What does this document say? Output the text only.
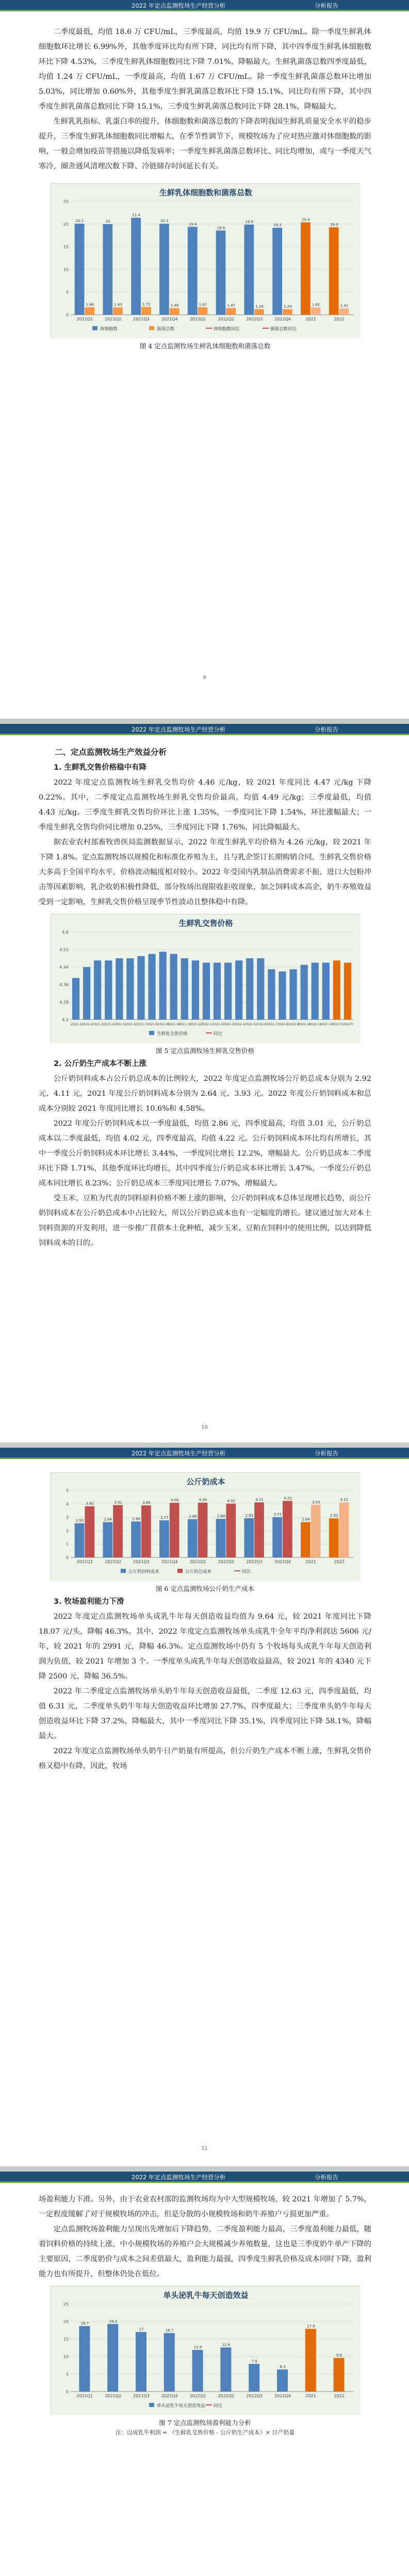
2022 年定点监测牧场生产经营分析	分析报告

二季度最低，均值 18.6 万 CFU/mL，三季度最高，均值 19.9 万 CFU/mL。除一季度生鲜乳体细胞数环比增长 6.99%外，其他季度环比均有所下降，同比均有所下降，其中四季度生鲜乳体细胞数环比下降 4.53%，三季度生鲜乳体细胞数同比下降 7.01%，降幅最大。生鲜乳菌落总数四季度最低，均值 1.24 万 CFU/mL，一季度最高，均值 1.67 万 CFU/mL。除一季度生鲜乳菌落总数环比增加 5.03%，同比增加 0.60%外，其他季度生鲜乳菌落总数环比下降 15.1%，同比均有所下降，其中四季度生鲜乳菌落总数同比下降 15.1%，三季度生鲜乳菌落总数同比下降 28.1%，降幅最大。

生鲜乳乳指标、乳蛋白率的提升，体细胞数和菌落总数的下降表明我国生鲜乳质量安全水平的稳步提升，三季度生鲜乳体细胞数同比增幅大，在季节性调节下，规模牧场为了应对热应激对体细胞数的影响，一般会增加疫苗等措施以降低发病率；一季度生鲜乳菌落总数环比、同比均增加，或与一季度天气寒冷，圈舍通风清理次数下降、冷链储存时间延长有关。

生鲜乳体细胞数和菌落总数
0
5
10
15
20
25
20.1
1.66
2021Q1
20
1.63
2021Q2
21.4
1.72
2021Q3
20.1
1.46
2021Q4
19.4
1.67
2022Q1
18.6
1.47
2022Q2
19.9
1.24
2022Q3
19.2
1.24
2022Q4
20.4
1.62
2021
19.3
1.41
2022
体细胞数	菌落总数	体细胞数同比	菌落总数同比
图 4 定点监测牧场生鲜乳体细胞数和菌落总数
9
2022 年定点监测牧场生产经营分析	分析报告
二、定点监测牧场生产效益分析
1. 生鲜乳交售价格稳中有降

2022 年度定点监测牧场生鲜乳交售均价 4.46 元/kg，较 2021 年度同比 4.47 元/kg 下降 0.22%。其中，二季度定点监测牧场生鲜乳交售均价最高，均值 4.49 元/kg；三季度最低，均值 4.43 元/kg。三季度生鲜乳交售均价环比上涨 1.35%，一季度同比下降 1.54%，环比涨幅最大；一季度生鲜乳交售均价同比增加 0.25%，三季度同比下降 1.76%，同比降幅最大。

据农业农村部畜牧兽医局监测数据显示，2022 年度生鲜乳平均价格为 4.26 元/kg，较 2021 年下降 1.8%。定点监测牧场以规模化和标准化养殖为主，且与乳企签订长期购销合同，生鲜乳交售价格大多高于全国平均水平，价格波动幅度相对较小。2022 年受国内乳制品消费需求不振、进口大包粉冲击等因素影响，乳企收奶积极性降低，部分牧场出现限收拒收现象，加之饲料成本高企，奶牛养殖效益受到一定影响，生鲜乳交售价格呈现季节性波动且整体稳中有降。

生鲜乳交售价格
4.2
4.28
4.36
4.44
4.52
4.6
2021-1 2021-2 2021-3 2021-4 2021-5 2021-6 2021-7 2021-8 2021-9
2021-10
2021-11
2021-12
2022-1 2022-2 2022-3 2022-4 2022-5 2022-6 2022-7 2022-8 2022-9
2022-10
2022-11
2022-12
2021年 2022年
生鲜乳交售价格	同比
图 5 定点监测牧场生鲜乳交售价格
2. 公斤奶生产成本不断上涨

公斤奶饲料成本占公斤奶总成本的比例较大，2022 年度定点监测牧场公斤奶总成本分别为 2.92 元、4.11 元，2021 年度公斤奶饲料成本分别为 2.64 元、3.93 元。2022 年度公斤奶饲料成本和总成本分别较 2021 年度同比增长 10.6%和 4.58%。

2022 年度公斤奶饲料成本以一季度最低，均值 2.86 元，四季度最高，均值 3.01 元，公斤奶总成本以二季度最低，均值 4.02 元，四季度最高，均值 4.22 元。公斤奶饲料成本环比均有所增长，其中一季度公斤奶饲料成本环比增长 3.44%，一季度同比增长 12.2%，增幅最大。公斤奶总成本二季度环比下降 1.71%，其他季度环比均增长，其中四季度公斤奶总成本环比增长 3.47%，一季度公斤奶总成本同比增长 8.23%；公斤奶总成本三季度同比增长 7.07%，增幅最大。

受玉米、豆粕为代表的饲料原料价格不断上涨的影响，公斤奶饲料成本总体呈现增长趋势，而公斤奶饲料成本在公斤奶总成本中占比较大，所以公斤奶总成本也有一定幅度的增长。建议通过加大对本土饲料资源的开发利用，进一步推广苜蓿本土化种植，减少玉米、豆粕在饲料中的使用比例，以达到降低饲料成本的目的。

10
2022 年定点监测牧场生产经营分析	分析报告
公斤奶成本
0
1
2
3
4
5
2.55
3.82
2021Q1
2.64
3.91
2021Q2
2.68
3.89
2021Q3
2.77
4.08
2021Q4
2.86
4.09
2022Q1
2.88
4.02
2022Q2
2.93
4.11
2022Q3
3.01
4.22
2022Q4
2.64
3.93
2021
2.92
4.11
2022
公斤奶饲料成本	公斤奶总成本	同比
图 6 定点监测牧场公斤奶生产成本
3. 牧场盈利能力下滑

2022 年度定点监测牧场单头成乳牛年每天创造收益均值为 9.64 元，较 2021 年度同比下降 18.07 元/头，降幅 46.3%。其中，2022 年度定点监测牧场单头成乳牛全年平均净利润达 5606 元/年，较 2021 年的 2991 元，降幅 46.3%。定点监测牧场中仍有 5 个牧场每头成乳牛年每天创造利润为负值，较 2021 年增加 3 个。一季度单头成乳牛年每天创造收益最高，较 2021 年的 4340 元下降 2500 元，降幅 36.5%。

2022 年二季度定点监测牧场单头奶牛年每天创造收益最低，二季度 12.63 元，四季度最低，均值 6.31 元，二季度单头奶牛年每天创造收益环比增加 27.7%，四季度最大；三季度单头奶牛年每天创造收益环比下降 37.2%，降幅最大，其中一季度同比下降 35.1%，四季度同比下降 58.1%，降幅最大。

2022 年度定点监测牧场单头奶牛日产奶量有所提高，但公斤奶生产成本不断上涨，生鲜乳交售价格又稳中有降，因此，牧场

11
2022 年定点监测牧场生产经营分析	分析报告

场盈利能力下滑。另外，由于农业农村部的监测牧场均为中大型规模牧场，较 2021 年增加了 5.7%，一定程度缓解了对于规模牧场的冲击，但是分散的小规模牧场和奶牛养殖户亏损更加严重。

定点监测牧场盈利能力呈现出先增加后下降趋势，二季度盈利能力最高，三季度盈利能力最低，随着饲料价格的持续上涨，中小规模牧场的养殖户会大规模减少养殖数量，这也是三季度奶牛单产下降的主要原因，二季度奶价与成本之间差值最大，盈利能力最强，四季度生鲜乳价格及成本同时下降，盈利能力也有所提升，但整体仍处在低位。

单头泌乳牛每天创造效益
0
5
10
15
20
25
18.7
2021Q1
19.3
2021Q2
17
2021Q3
16.7
2021Q4
11.9
2022Q1
12.6
2022Q2
7.9
2022Q3
6.3
2022Q4
17.9
2021
9.6
2022
单头泌乳牛每天创造效益 同比
图 7 定点监测牧场盈利能力分析
注：以成乳牛利润 = （生鲜乳交售价格 - 公斤奶生产成本）× 日产奶量
